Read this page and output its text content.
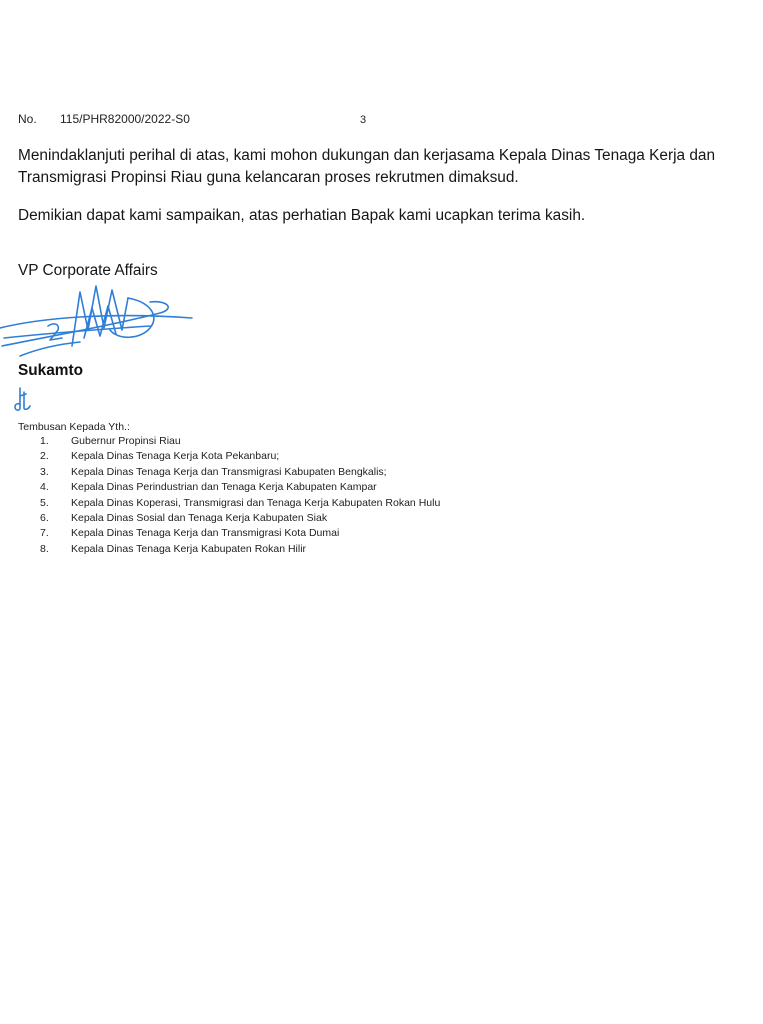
No. 115/PHR82000/2022-S0	3

Menindaklanjuti perihal di atas, kami mohon dukungan dan kerjasama Kepala Dinas Tenaga Kerja dan Transmigrasi Propinsi Riau guna kelancaran proses rekrutmen dimaksud.

Demikian dapat kami sampaikan, atas perhatian Bapak kami ucapkan terima kasih.

VP Corporate Affairs
Sukamto
Tembusan Kepada Yth.:
1. Gubernur Propinsi Riau
2. Kepala Dinas Tenaga Kerja Kota Pekanbaru;
3. Kepala Dinas Tenaga Kerja dan Transmigrasi Kabupaten Bengkalis;
4. Kepala Dinas Perindustrian dan Tenaga Kerja Kabupaten Kampar
5. Kepala Dinas Koperasi, Transmigrasi dan Tenaga Kerja Kabupaten Rokan Hulu
6. Kepala Dinas Sosial dan Tenaga Kerja Kabupaten Siak
7. Kepala Dinas Tenaga Kerja dan Transmigrasi Kota Dumai
8. Kepala Dinas Tenaga Kerja Kabupaten Rokan Hilir
